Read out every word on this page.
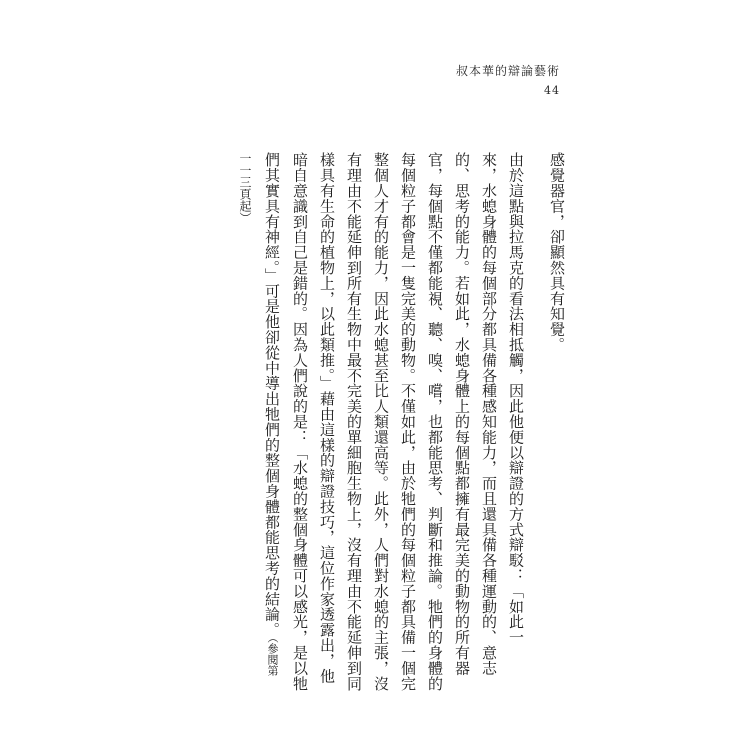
叔本華的辯論藝術
44
感覺器官，卻顯然具有知覺。
由於這點與拉馬克的看法相抵觸，因此他便以辯證的方式辯駁：「如此一
來，水螅身體的每個部分都具備各種感知能力，而且還具備各種運動的、意志
的、思考的能力。若如此，水螅身體上的每個點都擁有最完美的動物的所有器
官，每個點不僅都能視、聽、嗅、嚐，也都能思考、判斷和推論。牠們的身體的
每個粒子都會是一隻完美的動物。不僅如此，由於牠們的每個粒子都具備一個完
整個人才有的能力，因此水螅甚至比人類還高等。此外，人們對水螅的主張，沒
有理由不能延伸到所有生物中最不完美的單細胞生物上，沒有理由不能延伸到同
樣具有生命的植物上，以此類推。」藉由這樣的辯證技巧，這位作家透露出，他
暗自意識到自己是錯的。因為人們說的是：「水螅的整個身體可以感光，是以牠
們其實具有神經。」可是他卻從中導出牠們的整個身體都能思考的結論。（參閱第
一一三頁起）
